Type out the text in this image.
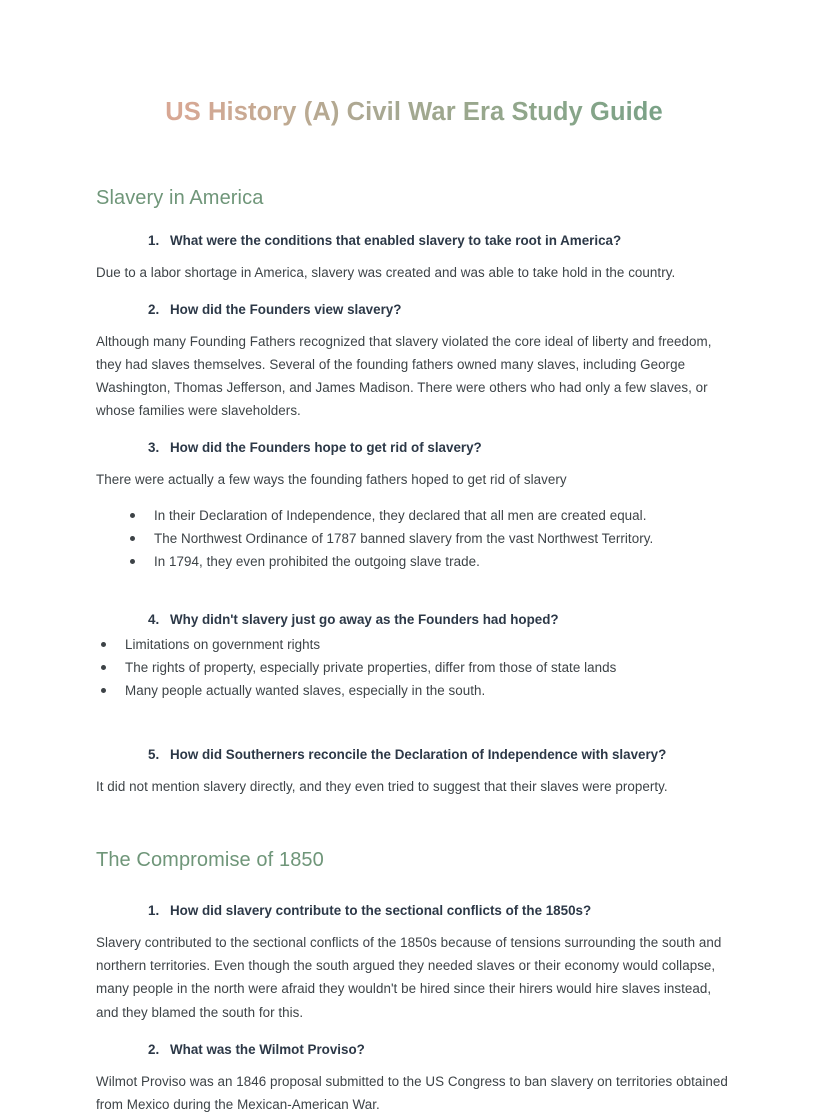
US History (A) Civil War Era Study Guide
Slavery in America

1. What were the conditions that enabled slavery to take root in America?

Due to a labor shortage in America, slavery was created and was able to take hold in the country.

2. How did the Founders view slavery?

Although many Founding Fathers recognized that slavery violated the core ideal of liberty and freedom, they had slaves themselves. Several of the founding fathers owned many slaves, including George Washington, Thomas Jefferson, and James Madison. There were others who had only a few slaves, or whose families were slaveholders.

3. How did the Founders hope to get rid of slavery?

There were actually a few ways the founding fathers hoped to get rid of slavery

In their Declaration of Independence, they declared that all men are created equal.
The Northwest Ordinance of 1787 banned slavery from the vast Northwest Territory.
In 1794, they even prohibited the outgoing slave trade.

4. Why didn't slavery just go away as the Founders had hoped?

Limitations on government rights
The rights of property, especially private properties, differ from those of state lands
Many people actually wanted slaves, especially in the south.

5. How did Southerners reconcile the Declaration of Independence with slavery?

It did not mention slavery directly, and they even tried to suggest that their slaves were property.

The Compromise of 1850

1. How did slavery contribute to the sectional conflicts of the 1850s?

Slavery contributed to the sectional conflicts of the 1850s because of tensions surrounding the south and northern territories. Even though the south argued they needed slaves or their economy would collapse, many people in the north were afraid they wouldn't be hired since their hirers would hire slaves instead, and they blamed the south for this.

2. What was the Wilmot Proviso?

Wilmot Proviso was an 1846 proposal submitted to the US Congress to ban slavery on territories obtained from Mexico during the Mexican-American War.
